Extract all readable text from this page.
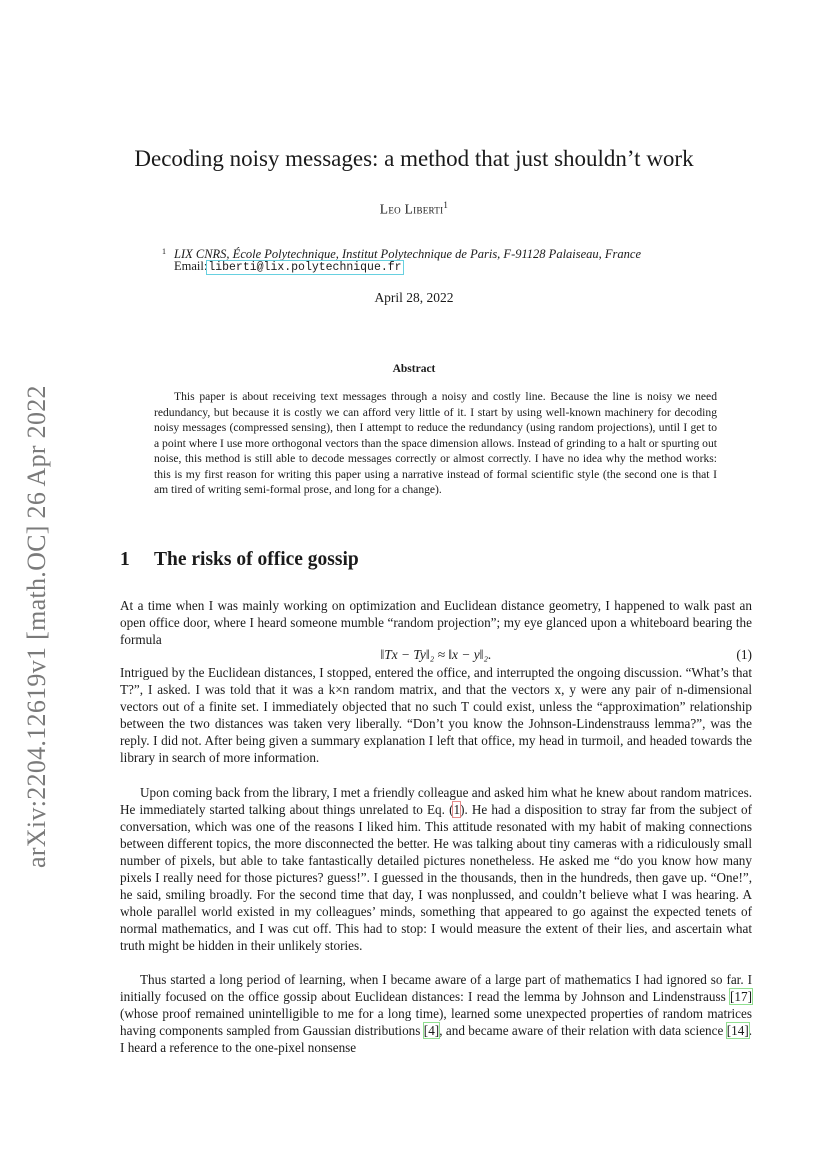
arXiv:2204.12619v1 [math.OC] 26 Apr 2022
Decoding noisy messages: a method that just shouldn’t work
Leo Liberti$^1$
$^1$ LIX CNRS, École Polytechnique, Institut Polytechnique de Paris, F-91128 Palaiseau, France
Email:liberti@lix.polytechnique.fr
April 28, 2022
Abstract
This paper is about receiving text messages through a noisy and costly line. Because the line is noisy we need redundancy, but because it is costly we can afford very little of it. I start by using well-known machinery for decoding noisy messages (compressed sensing), then I attempt to reduce the redundancy (using random projections), until I get to a point where I use more orthogonal vectors than the space dimension allows. Instead of grinding to a halt or spurting out noise, this method is still able to decode messages correctly or almost correctly. I have no idea why the method works: this is my first reason for writing this paper using a narrative instead of formal scientific style (the second one is that I am tired of writing semi-formal prose, and long for a change).
1 The risks of office gossip
At a time when I was mainly working on optimization and Euclidean distance geometry, I happened to walk past an open office door, where I heard someone mumble “random projection”; my eye glanced upon a whiteboard bearing the formula
‖Tx − Ty‖₂ ≈ ‖x − y‖₂.	(1)
Intrigued by the Euclidean distances, I stopped, entered the office, and interrupted the ongoing discussion. “What’s that T?”, I asked. I was told that it was a k×n random matrix, and that the vectors x, y were any pair of n-dimensional vectors out of a finite set. I immediately objected that no such T could exist, unless the “approximation” relationship between the two distances was taken very liberally. “Don’t you know the Johnson-Lindenstrauss lemma?”, was the reply. I did not. After being given a summary explanation I left that office, my head in turmoil, and headed towards the library in search of more information.
Upon coming back from the library, I met a friendly colleague and asked him what he knew about random matrices. He immediately started talking about things unrelated to Eq. (1). He had a disposition to stray far from the subject of conversation, which was one of the reasons I liked him. This attitude resonated with my habit of making connections between different topics, the more disconnected the better. He was talking about tiny cameras with a ridiculously small number of pixels, but able to take fantastically detailed pictures nonetheless. He asked me “do you know how many pixels I really need for those pictures? guess!”. I guessed in the thousands, then in the hundreds, then gave up. “One!”, he said, smiling broadly. For the second time that day, I was nonplussed, and couldn’t believe what I was hearing. A whole parallel world existed in my colleagues’ minds, something that appeared to go against the expected tenets of normal mathematics, and I was cut off. This had to stop: I would measure the extent of their lies, and ascertain what truth might be hidden in their unlikely stories.
Thus started a long period of learning, when I became aware of a large part of mathematics I had ignored so far. I initially focused on the office gossip about Euclidean distances: I read the lemma by Johnson and Lindenstrauss [17] (whose proof remained unintelligible to me for a long time), learned some unexpected properties of random matrices having components sampled from Gaussian distributions [4], and became aware of their relation with data science [14]. I heard a reference to the one-pixel nonsense
